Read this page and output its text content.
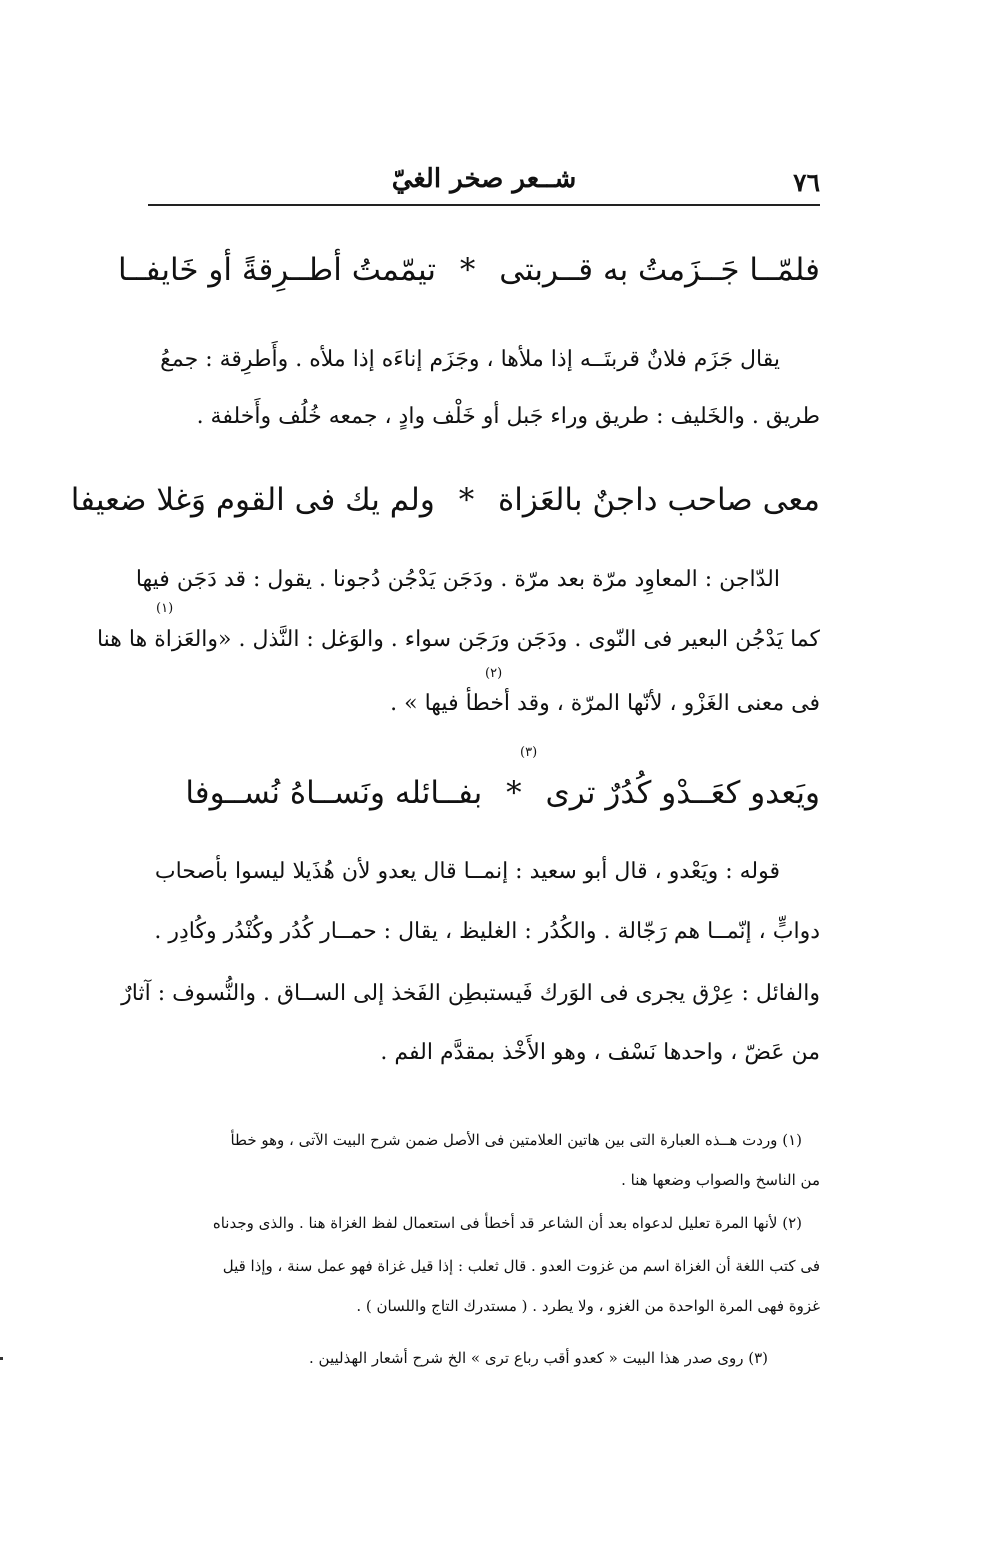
٧٦
شــعر صخر الغيّ
فلمّــا جَــزَمتُ به قــربتى * تيمّمتُ أطــرِقةً أو خَايفــا
يقال جَزَم فلانٌ قربتَــه إذا ملأها ، وجَزَم إناءَه إذا ملأه . وأَطرِقة : جمعُ
طريق . والخَليف : طريق وراء جَبل أو خَلْف وادٍ ، جمعه خُلُف وأَخلفة .
معى صاحب داجنٌ بالعَزاة * ولم يك فى القوم وَغلا ضعيفا
الدّاجن : المعاوِد مرّة بعد مرّة . ودَجَن يَدْجُن دُجونا . يقول : قد دَجَن فيها
(١)
كما يَدْجُن البعير فى النّوى . ودَجَن ورَجَن سواء . والوَغل : النَّذل . «والعَزاة ها هنا
(٢)
فى معنى الغَزْو ، لأنّها المرّة ، وقد أخطأ فيها » .
(٣)
ويَعدو كعَــدْو كُدُرٌ ترى * بفــائله ونَســاهُ نُســوفا
قوله : ويَعْدو ، قال أبو سعيد : إنمــا قال يعدو لأن هُذَيلا ليسوا بأصحاب
دوابٍّ ، إنّمــا هم رَجّالة . والكُدُر : الغليظ ، يقال : حمــار كُدُر وكُنْدُر وكُادِر .
والفائل : عِرْق يجرى فى الوَرك فَيستبطِن الفَخذ إلى الســاق . والنُّسوف : آثارٌ
من عَضّ ، واحدها نَسْف ، وهو الأَخْذ بمقدَّم الفم .
(١) وردت هــذه العبارة التى بين هاتين العلامتين فى الأصل ضمن شرح البيت الآتى ، وهو خطأ
من الناسخ والصواب وضعها هنا .
(٢) لأنها المرة تعليل لدعواه بعد أن الشاعر قد أخطأ فى استعمال لفظ الغزاة هنا . والذى وجدناه
فى كتب اللغة أن الغزاة اسم من غزوت العدو . قال ثعلب : إذا قيل غزاة فهو عمل سنة ، وإذا قيل
غزوة فهى المرة الواحدة من الغزو ، ولا يطرد . ( مستدرك التاج واللسان ) .
(٣) روى صدر هذا البيت « كعدو أقب رباع ترى » الخ شرح أشعار الهذليين .
